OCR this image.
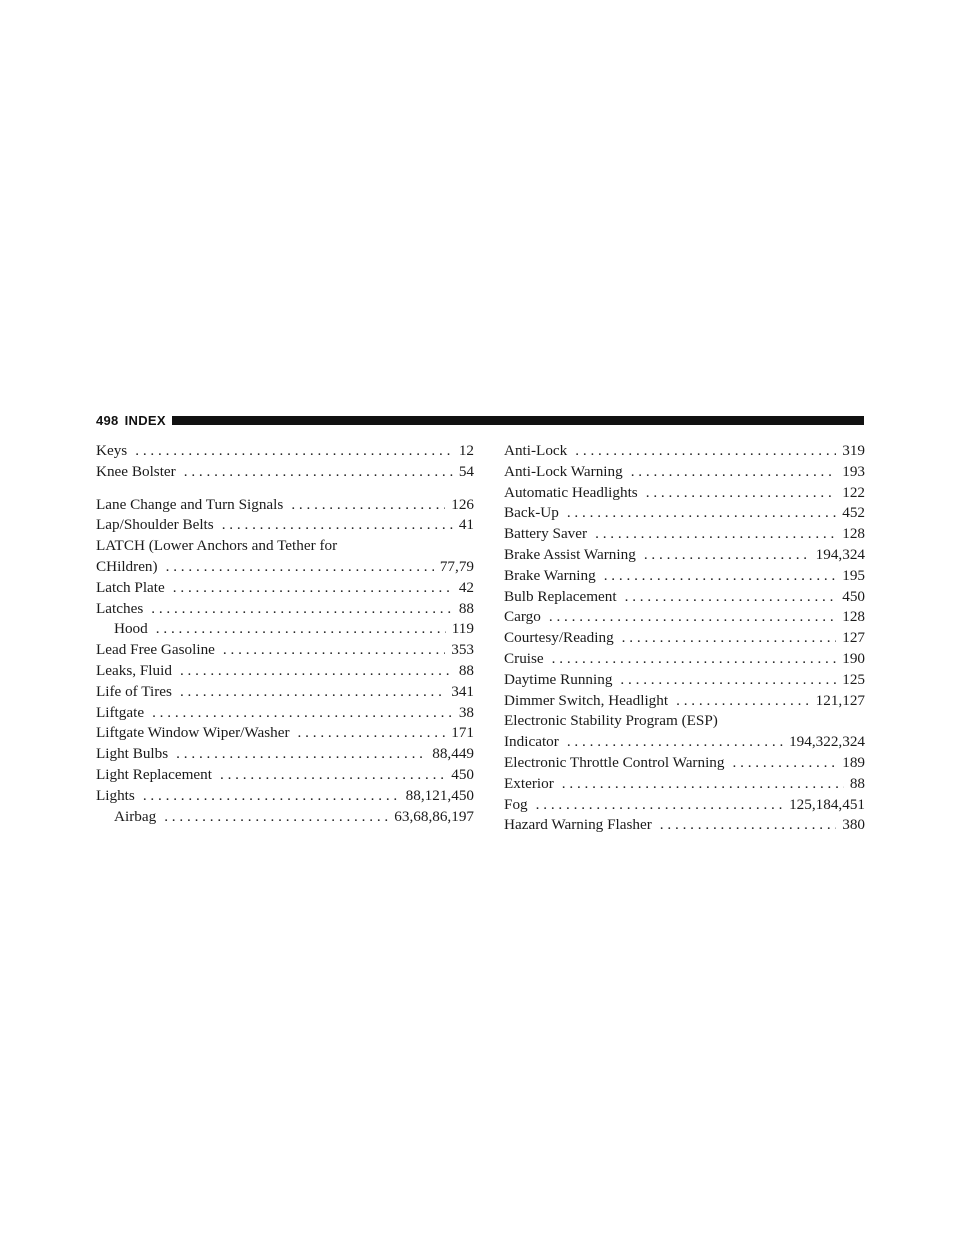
498 INDEX
Keys . . .	12
Knee Bolster . . .	54
Lane Change and Turn Signals . . .	126
Lap/Shoulder Belts . . .	41
LATCH (Lower Anchors and Tether for
CHildren) . . .	77,79
Latch Plate . . .	42
Latches . . .	88
Hood . . .	119
Lead Free Gasoline . . .	353
Leaks, Fluid . . .	88
Life of Tires . . .	341
Liftgate . . .	38
Liftgate Window Wiper/Washer . . .	171
Light Bulbs . . .	88,449
Light Replacement . . .	450
Lights . . .	88,121,450
Airbag . . .	63,68,86,197
Anti-Lock . . .	319
Anti-Lock Warning . . .	193
Automatic Headlights . . .	122
Back-Up . . .	452
Battery Saver . . .	128
Brake Assist Warning . . .	194,324
Brake Warning . . .	195
Bulb Replacement . . .	450
Cargo . . .	128
Courtesy/Reading . . .	127
Cruise . . .	190
Daytime Running . . .	125
Dimmer Switch, Headlight . . .	121,127
Electronic Stability Program (ESP)
Indicator . . .	194,322,324
Electronic Throttle Control Warning . . .	189
Exterior . . .	88
Fog . . .	125,184,451
Hazard Warning Flasher . . .	380
